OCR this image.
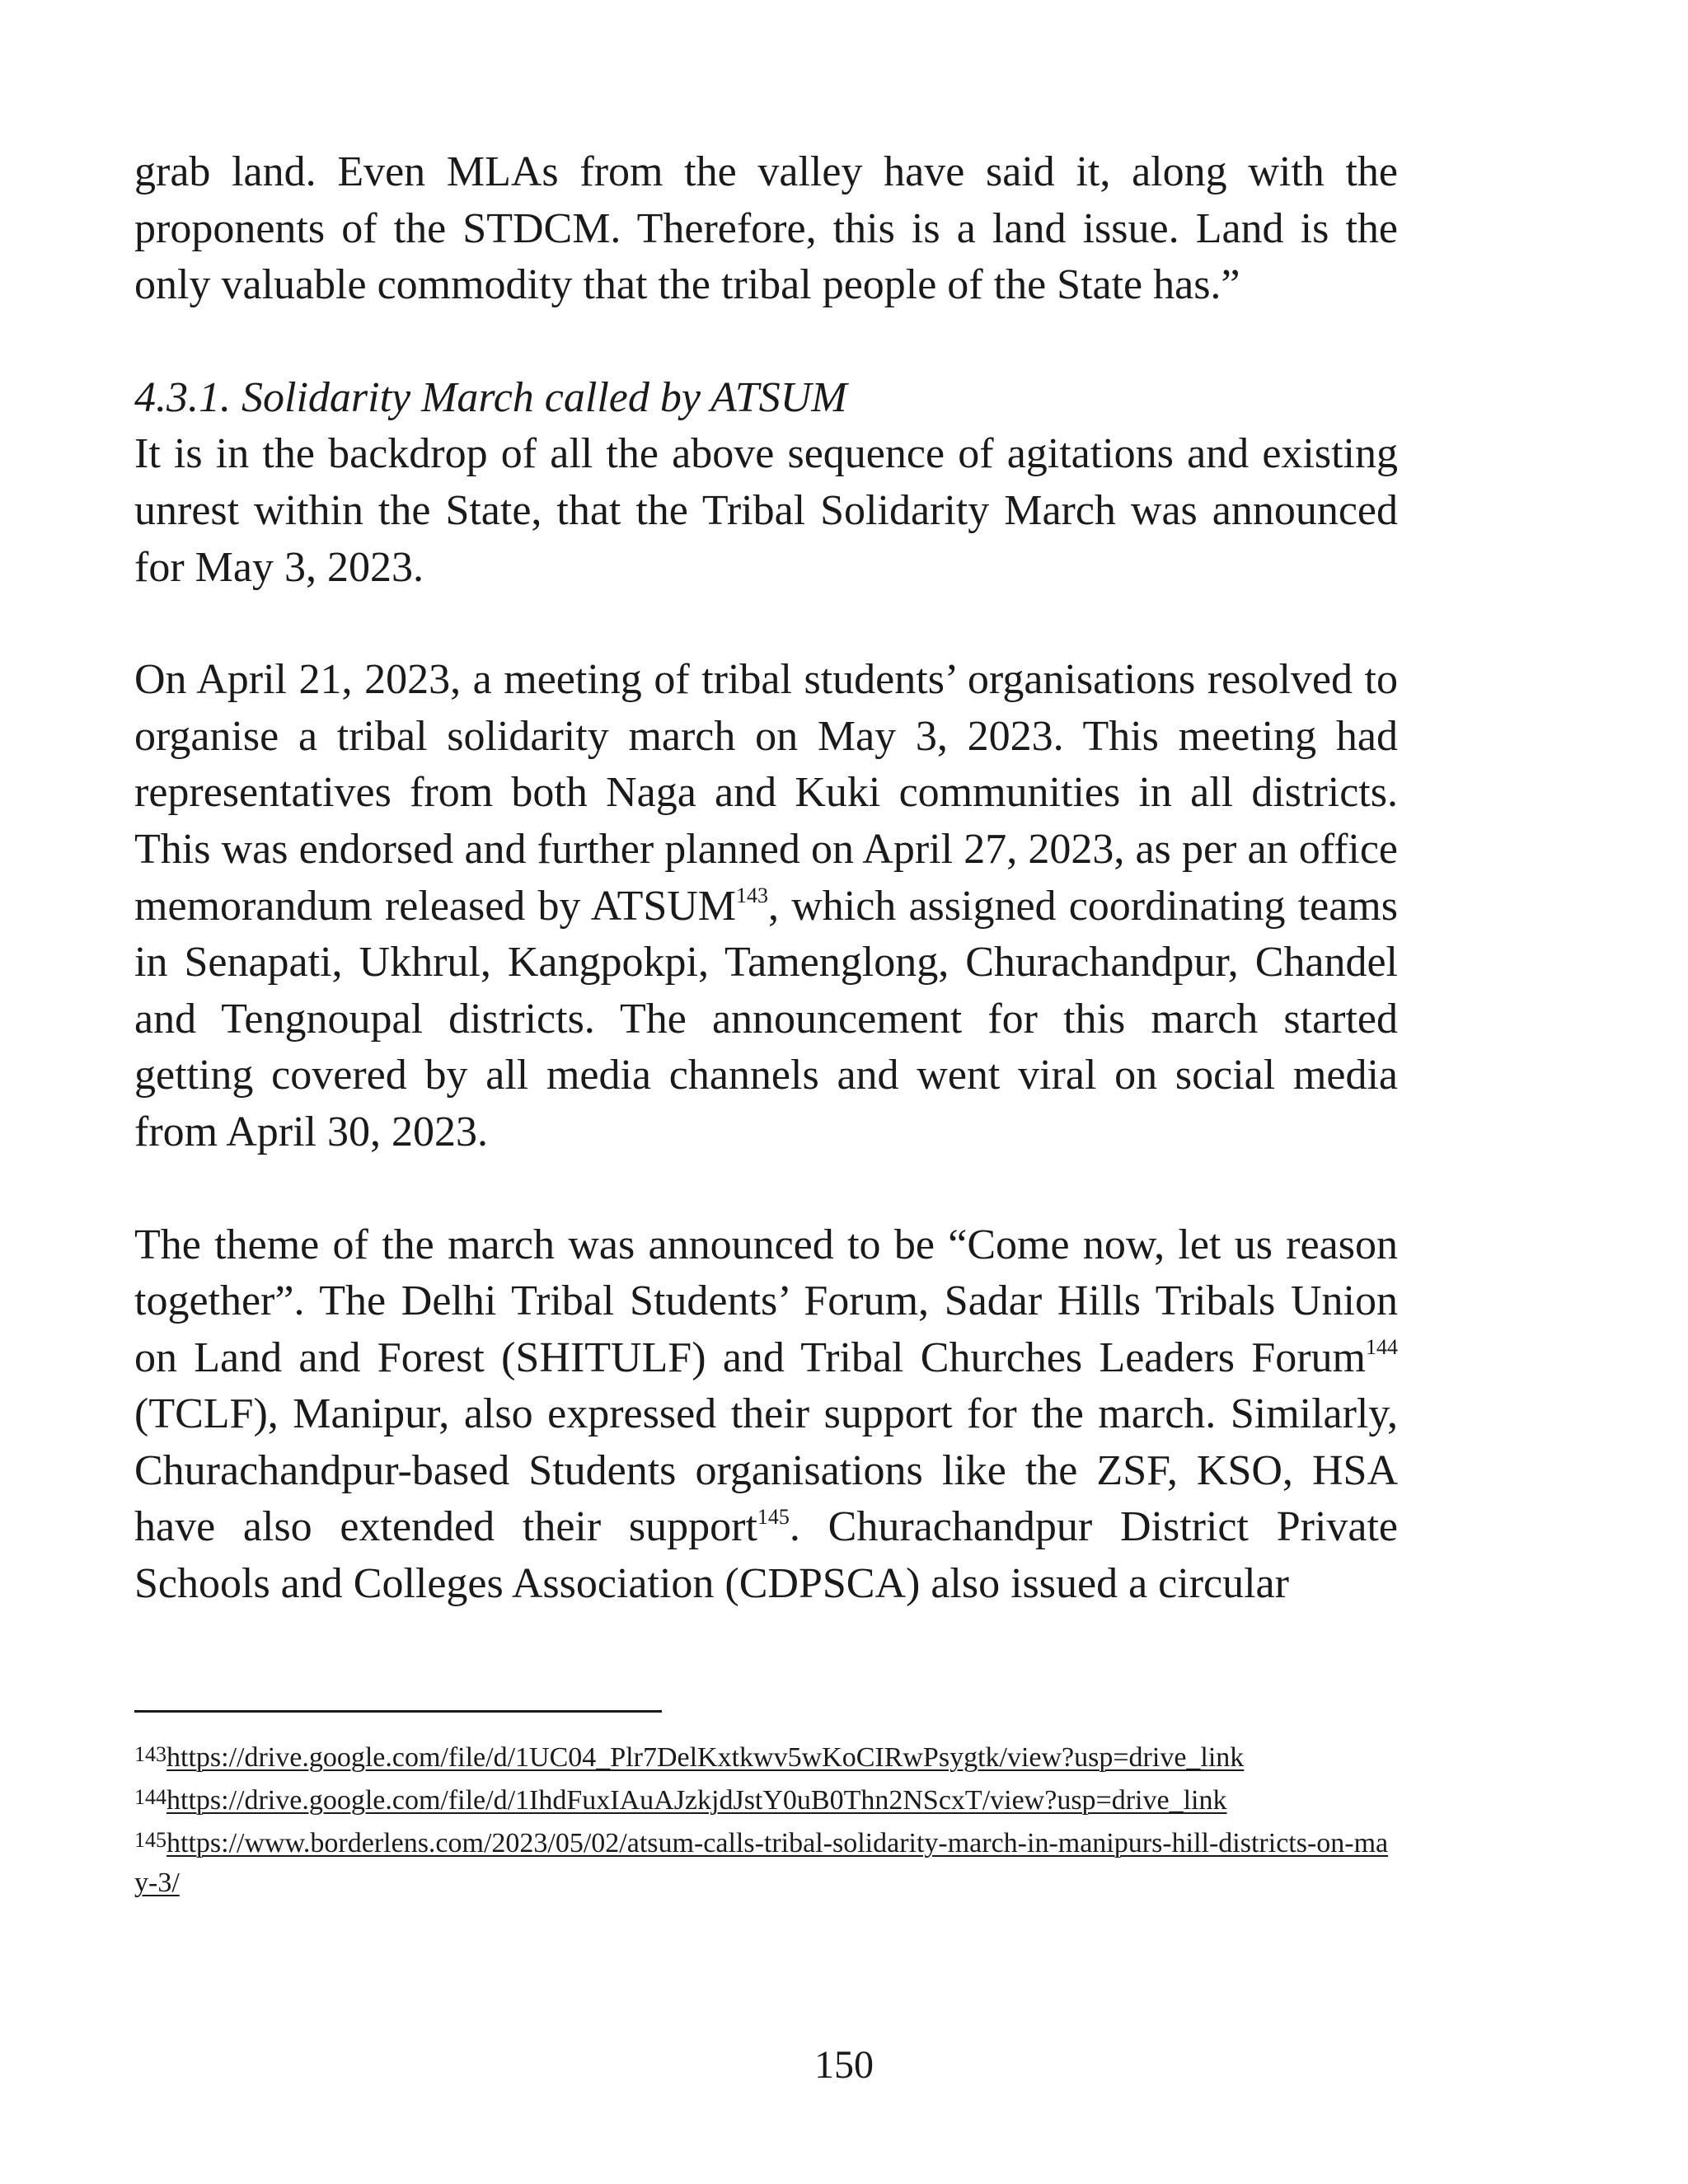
grab land. Even MLAs from the valley have said it, along with the proponents of the STDCM. Therefore, this is a land issue. Land is the only valuable commodity that the tribal people of the State has.”

4.3.1. Solidarity March called by ATSUM

It is in the backdrop of all the above sequence of agitations and existing unrest within the State, that the Tribal Solidarity March was announced for May 3, 2023.

On April 21, 2023, a meeting of tribal students’ organisations resolved to organise a tribal solidarity march on May 3, 2023. This meeting had representatives from both Naga and Kuki communities in all districts. This was endorsed and further planned on April 27, 2023, as per an office memorandum released by ATSUM$^{143}$, which assigned coordinating teams in Senapati, Ukhrul, Kangpokpi, Tamenglong, Churachandpur, Chandel and Tengnoupal districts. The announcement for this march started getting covered by all media channels and went viral on social media from April 30, 2023.

The theme of the march was announced to be “Come now, let us reason together”. The Delhi Tribal Students’ Forum, Sadar Hills Tribals Union on Land and Forest (SHITULF) and Tribal Churches Leaders Forum$^{144}$ (TCLF), Manipur, also expressed their support for the march. Similarly, Churachandpur-based Students organisations like the ZSF, KSO, HSA have also extended their support$^{145}$. Churachandpur District Private Schools and Colleges Association (CDPSCA) also issued a circular

143https://drive.google.com/file/d/1UC04_Plr7DelKxtkwv5wKoCIRwPsygtk/view?usp=drive_link

144https://drive.google.com/file/d/1IhdFuxIAuAJzkjdJstY0uB0Thn2NScxT/view?usp=drive_link

145https://www.borderlens.com/2023/05/02/atsum-calls-tribal-solidarity-march-in-manipurs-hill-districts-on-may-3/

150
